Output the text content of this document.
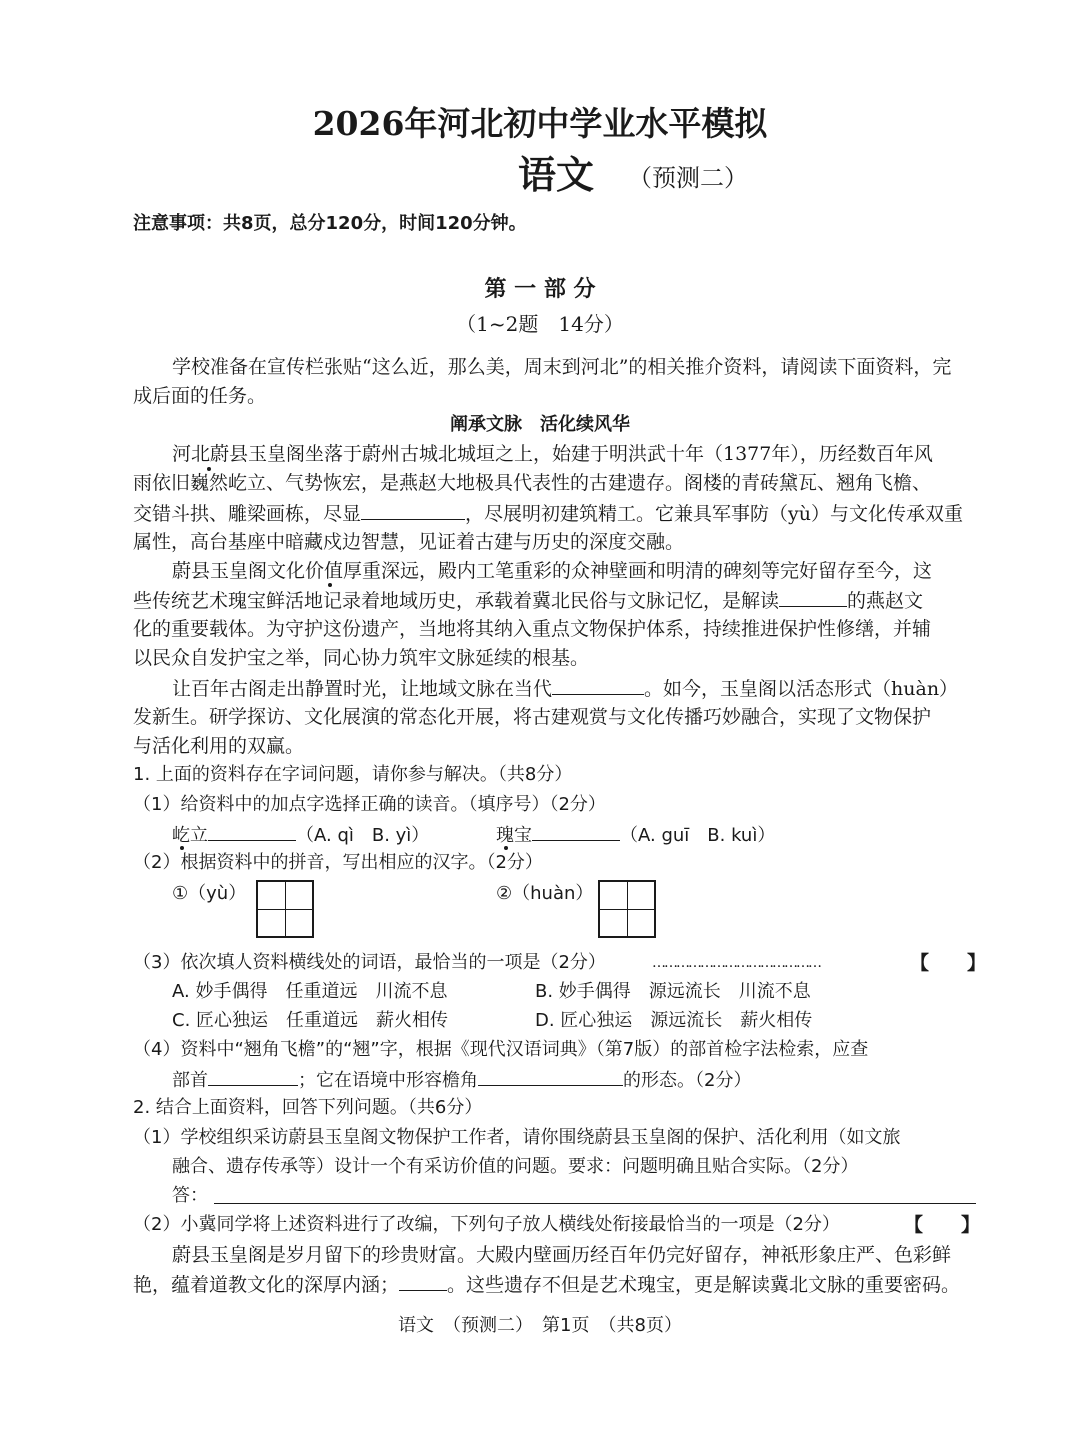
2026年河北初中学业水平模拟
语文 （预测二）
注意事项：共8页，总分120分，时间120分钟。
第 一 部 分
（1~2题　14分）
学校准备在宣传栏张贴“这么近，那么美，周末到河北”的相关推介资料，请阅读下面资料，完
成后面的任务。
阐承文脉　活化续风华
河北蔚县玉皇阁坐落于蔚州古城北城垣之上，始建于明洪武十年（1377年），历经数百年风
雨依旧巍然屹立、气势恢宏，是燕赵大地极具代表性的古建遗存。阁楼的青砖黛瓦、翘角飞檐、
交错斗拱、雕梁画栋，尽显	，尽展明初建筑精工。它兼具军事防（yù）与文化传承双重
属性，高台基座中暗藏戍边智慧，见证着古建与历史的深度交融。
蔚县玉皇阁文化价值厚重深远，殿内工笔重彩的众神壁画和明清的碑刻等完好留存至今，这
些传统艺术瑰宝鲜活地记录着地域历史，承载着冀北民俗与文脉记忆，是解读	的燕赵文
化的重要载体。为守护这份遗产，当地将其纳入重点文物保护体系，持续推进保护性修缮，并辅
以民众自发护宝之举，同心协力筑牢文脉延续的根基。
让百年古阁走出静置时光，让地域文脉在当代	。如今，玉皇阁以活态形式（huàn）
发新生。研学探访、文化展演的常态化开展，将古建观赏与文化传播巧妙融合，实现了文物保护
与活化利用的双赢。
1. 上面的资料存在字词问题，请你参与解决。（共8分）
（1）给资料中的加点字选择正确的读音。（填序号）（2分）
屹立	（A. qì　B. yì）	瑰宝	（A. guī　B. kuì）
（2）根据资料中的拼音，写出相应的汉字。（2分）
①（yù）	②（huàn）
（3）依次填人资料横线处的词语，最恰当的一项是（2分）	……………………………………	【　　】
A. 妙手偶得　任重道远　川流不息	B. 妙手偶得　源远流长　川流不息
C. 匠心独运　任重道远　薪火相传	D. 匠心独运　源远流长　薪火相传
（4）资料中“翘角飞檐”的“翘”字，根据《现代汉语词典》（第7版）的部首检字法检索，应查
部首	；它在语境中形容檐角	的形态。（2分）
2. 结合上面资料，回答下列问题。（共6分）
（1）学校组织采访蔚县玉皇阁文物保护工作者，请你围绕蔚县玉皇阁的保护、活化利用（如文旅
融合、遗存传承等）设计一个有采访价值的问题。要求：问题明确且贴合实际。（2分）
答：
（2）小冀同学将上述资料进行了改编，下列句子放人横线处衔接最恰当的一项是（2分）	【　　】
蔚县玉皇阁是岁月留下的珍贵财富。大殿内壁画历经百年仍完好留存，神祇形象庄严、色彩鲜
艳，蕴着道教文化的深厚内涵；	。这些遗存不但是艺术瑰宝，更是解读冀北文脉的重要密码。
语文　（预测二）　第1页　（共8页）
